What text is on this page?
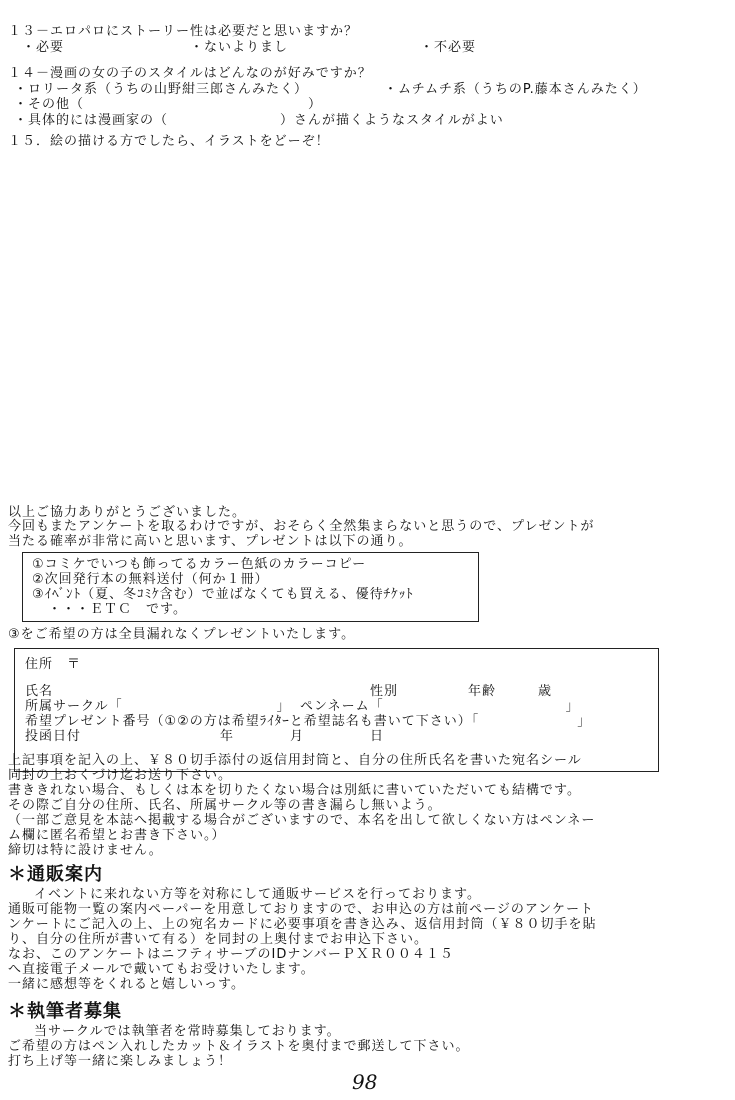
１３－エロパロにストーリー性は必要だと思いますか？
・必要	・ないよりまし	・不必要
１４－漫画の女の子のスタイルはどんなのが好みですか？
・ロリータ系（うちの山野紺三郎さんみたく）	・ムチムチ系（うちのP.藤本さんみたく）
・その他（　　　　　　　　　　　　　　　　）
・具体的には漫画家の（　　　　　　　　）さんが描くようなスタイルがよい
１５．絵の描ける方でしたら、イラストをどーぞ！
以上ご協力ありがとうございました。
今回もまたアンケートを取るわけですが、おそらく全然集まらないと思うので、プレゼントが
当たる確率が非常に高いと思います、プレゼントは以下の通り。
①コミケでいつも飾ってるカラー色紙のカラーコピー
②次回発行本の無料送付（何か１冊）
③ｲﾍﾞﾝﾄ（夏、冬ｺﾐｹ含む）で並ばなくても買える、優待ﾁｹｯﾄ
・・・ＥＴＣ　です。
③をご希望の方は全員漏れなくプレゼントいたします。
住所　〒
氏名	性別	年齢	歳
所属サークル「　　　　　　　　　　　」 ペンネーム「　　　　　　　　　　　　　」
希望プレゼント番号（①②の方は希望ﾗｲﾀｰと希望誌名も書いて下さい）「　　　　　　　」
投函日付	年　　　　月	日
上記事項を記入の上、￥８０切手添付の返信用封筒と、自分の住所氏名を書いた宛名シール
同封の上おくづけ迄お送り下さい。
書ききれない場合、もしくは本を切りたくない場合は別紙に書いていただいても結構です。
その際ご自分の住所、氏名、所属サークル等の書き漏らし無いよう。
（一部ご意見を本誌へ掲載する場合がございますので、本名を出して欲しくない方はペンネー
ム欄に匿名希望とお書き下さい。）
締切は特に設けません。
＊通販案内
イベントに来れない方等を対称にして通販サービスを行っております。
通販可能物一覧の案内ペーパーを用意しておりますので、お申込の方は前ページのアンケート
ンケートにご記入の上、上の宛名カードに必要事項を書き込み、返信用封筒（￥８０切手を貼
り、自分の住所が書いて有る）を同封の上奥付までお申込下さい。
なお、このアンケートはニフティサーブのIDナンバーＰＸＲ００４１５
へ直接電子メールで戴いてもお受けいたします。
一緒に感想等をくれると嬉しいっす。
＊執筆者募集
当サークルでは執筆者を常時募集しております。
ご希望の方はペン入れしたカット＆イラストを奥付まで郵送して下さい。
打ち上げ等一緒に楽しみましょう！
98
